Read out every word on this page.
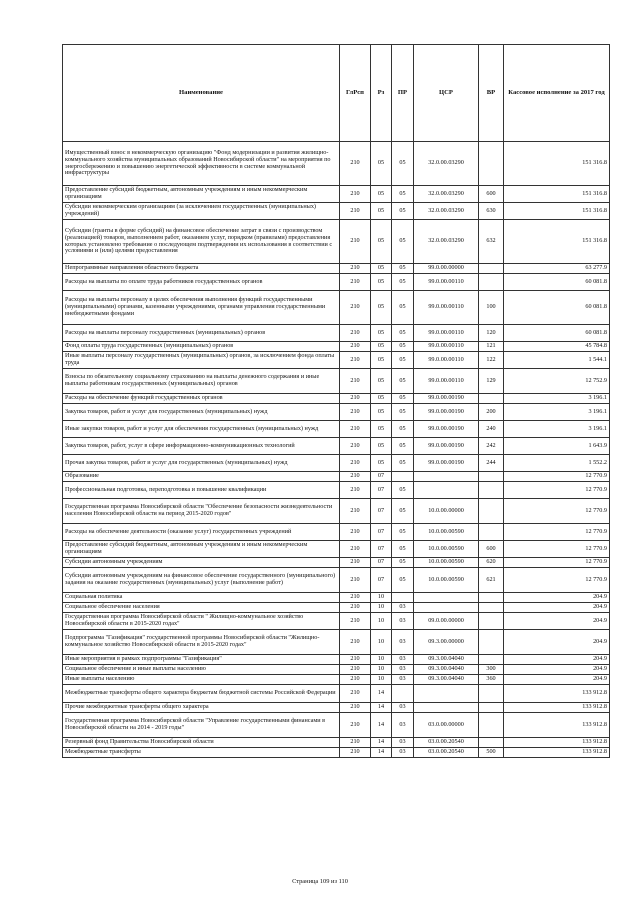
Наименование	ГлРсп	Рз	ПР	ЦСР	ВР	Кассовое исполнение за 2017 год
Имущественный взнос в некоммерческую организацию "Фонд модернизации и развития жилищно-коммунального хозяйства муниципальных образований Новосибирской области" на мероприятия по энергосбережению и повышению энергетической эффективности в системе коммунальной инфраструктуры	210	05	05	32.0.00.03290		151 316.8
Предоставление субсидий бюджетным, автономным учреждениям и иным некоммерческим организациям	210	05	05	32.0.00.03290	600	151 316.8
Субсидии некоммерческим организациям (за исключением государственных (муниципальных) учреждений)	210	05	05	32.0.00.03290	630	151 316.8
Субсидии (гранты в форме субсидий) на финансовое обеспечение затрат в связи с производством (реализацией) товаров, выполнением работ, оказанием услуг, порядком (правилами) предоставления которых установлено требование о последующем подтверждении их использования в соответствии с условиями и (или) целями предоставления	210	05	05	32.0.00.03290	632	151 316.8
Непрограммные направления областного бюджета	210	05	05	99.0.00.00000		63 277.9
Расходы на выплаты по оплате труда работников государственных органов	210	05	05	99.0.00.00110		60 081.8
Расходы на выплаты персоналу в целях обеспечения выполнения функций государственными (муниципальными) органами, казенными учреждениями, органами управления государственными внебюджетными фондами	210	05	05	99.0.00.00110	100	60 081.8
Расходы на выплаты персоналу государственных (муниципальных) органов	210	05	05	99.0.00.00110	120	60 081.8
Фонд оплаты труда государственных (муниципальных) органов	210	05	05	99.0.00.00110	121	45 784.8
Иные выплаты персоналу государственных (муниципальных) органов, за исключением фонда оплаты труда	210	05	05	99.0.00.00110	122	1 544.1
Взносы по обязательному социальному страхованию на выплаты денежного содержания и иные выплаты работникам государственных (муниципальных) органов	210	05	05	99.0.00.00110	129	12 752.9
Расходы на обеспечение функций государственных органов	210	05	05	99.0.00.00190		3 196.1
Закупка товаров, работ и услуг для государственных (муниципальных) нужд	210	05	05	99.0.00.00190	200	3 196.1
Иные закупки товаров, работ и услуг для обеспечения государственных (муниципальных) нужд	210	05	05	99.0.00.00190	240	3 196.1
Закупка товаров, работ, услуг в сфере информационно-коммуникационных технологий	210	05	05	99.0.00.00190	242	1 643.9
Прочая закупка товаров, работ и услуг для государственных (муниципальных) нужд	210	05	05	99.0.00.00190	244	1 552.2
Образование	210	07				12 770.9
Профессиональная подготовка, переподготовка и повышение квалификации	210	07	05			12 770.9
Государственная программа Новосибирской области "Обеспечение безопасности жизнедеятельности населения Новосибирской области на период 2015-2020 годов"	210	07	05	10.0.00.00000		12 770.9
Расходы на обеспечение деятельности (оказание услуг) государственных учреждений	210	07	05	10.0.00.00590		12 770.9
Предоставление субсидий бюджетным, автономным учреждениям и иным некоммерческим организациям	210	07	05	10.0.00.00590	600	12 770.9
Субсидии автономным учреждениям	210	07	05	10.0.00.00590	620	12 770.9
Субсидии автономным учреждениям на финансовое обеспечение государственного (муниципального) задания на оказание государственных (муниципальных) услуг (выполнение работ)	210	07	05	10.0.00.00590	621	12 770.9
Социальная политика	210	10				204.9
Социальное обеспечение населения	210	10	03			204.9
Государственная программа Новосибирской области " Жилищно-коммунальное хозяйство Новосибирской области в 2015-2020 годах"	210	10	03	09.0.00.00000		204.9
Подпрограмма "Газификация" государственной программы Новосибирской области "Жилищно-коммунальное хозяйство Новосибирской области в 2015-2020 годах"	210	10	03	09.3.00.00000		204.9
Иные мероприятия в рамках подпрограммы "Газификация"	210	10	03	09.3.00.04040		204.9
Социальное обеспечение и иные выплаты населению	210	10	03	09.3.00.04040	300	204.9
Иные выплаты населению	210	10	03	09.3.00.04040	360	204.9
Межбюджетные трансферты общего характера бюджетам бюджетной системы Российской Федерации	210	14				133 912.8
Прочие межбюджетные трансферты общего характера	210	14	03			133 912.8
Государственная программа Новосибирской области "Управление государственными финансами в Новосибирской области на 2014 - 2019 годы"	210	14	03	03.0.00.00000		133 912.8
Резервный фонд Правительства Новосибирской области	210	14	03	03.0.00.20540		133 912.8
Межбюджетные трансферты	210	14	03	03.0.00.20540	500	133 912.8
Страница 109 из 110
